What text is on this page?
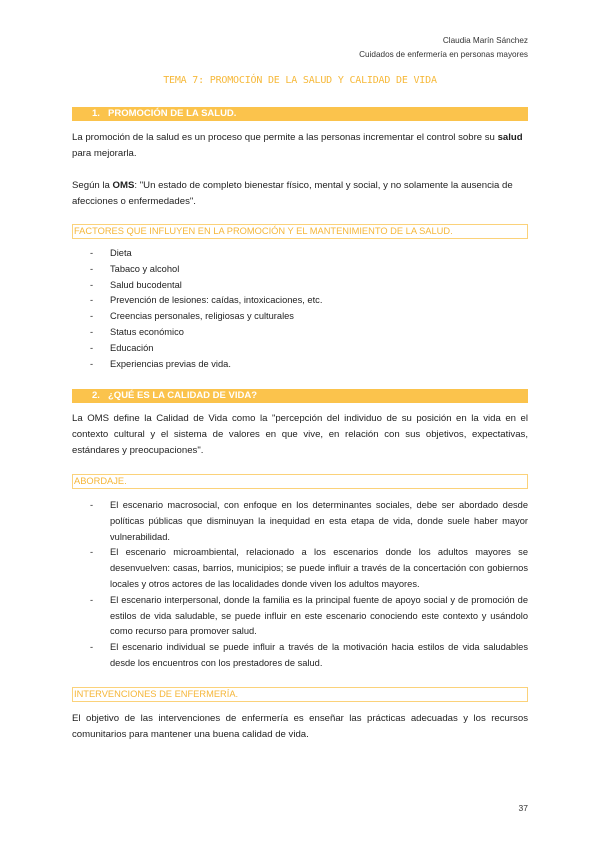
Claudia Marín Sánchez
Cuidados de enfermería en personas mayores
TEMA 7: PROMOCIÓN DE LA SALUD Y CALIDAD DE VIDA
1. PROMOCIÓN DE LA SALUD.

La promoción de la salud es un proceso que permite a las personas incrementar el control sobre su salud para mejorarla.

Según la OMS: "Un estado de completo bienestar físico, mental y social, y no solamente la ausencia de afecciones o enfermedades".

FACTORES QUE INFLUYEN EN LA PROMOCIÓN Y EL MANTENIMIENTO DE LA SALUD.
- Dieta
- Tabaco y alcohol
- Salud bucodental
- Prevención de lesiones: caídas, intoxicaciones, etc.
- Creencias personales, religiosas y culturales
- Status económico
- Educación
- Experiencias previas de vida.
2. ¿QUÉ ES LA CALIDAD DE VIDA?

La OMS define la Calidad de Vida como la "percepción del individuo de su posición en la vida en el contexto cultural y el sistema de valores en que vive, en relación con sus objetivos, expectativas, estándares y preocupaciones".

ABORDAJE.
- El escenario macrosocial, con enfoque en los determinantes sociales, debe ser abordado desde políticas públicas que disminuyan la inequidad en esta etapa de vida, donde suele haber mayor vulnerabilidad.
- El escenario microambiental, relacionado a los escenarios donde los adultos mayores se desenvuelven: casas, barrios, municipios; se puede influir a través de la concertación con gobiernos locales y otros actores de las localidades donde viven los adultos mayores.
- El escenario interpersonal, donde la familia es la principal fuente de apoyo social y de promoción de estilos de vida saludable, se puede influir en este escenario conociendo este contexto y usándolo como recurso para promover salud.
- El escenario individual se puede influir a través de la motivación hacia estilos de vida saludables desde los encuentros con los prestadores de salud.
INTERVENCIONES DE ENFERMERÍA.

El objetivo de las intervenciones de enfermería es enseñar las prácticas adecuadas y los recursos comunitarios para mantener una buena calidad de vida.

37
